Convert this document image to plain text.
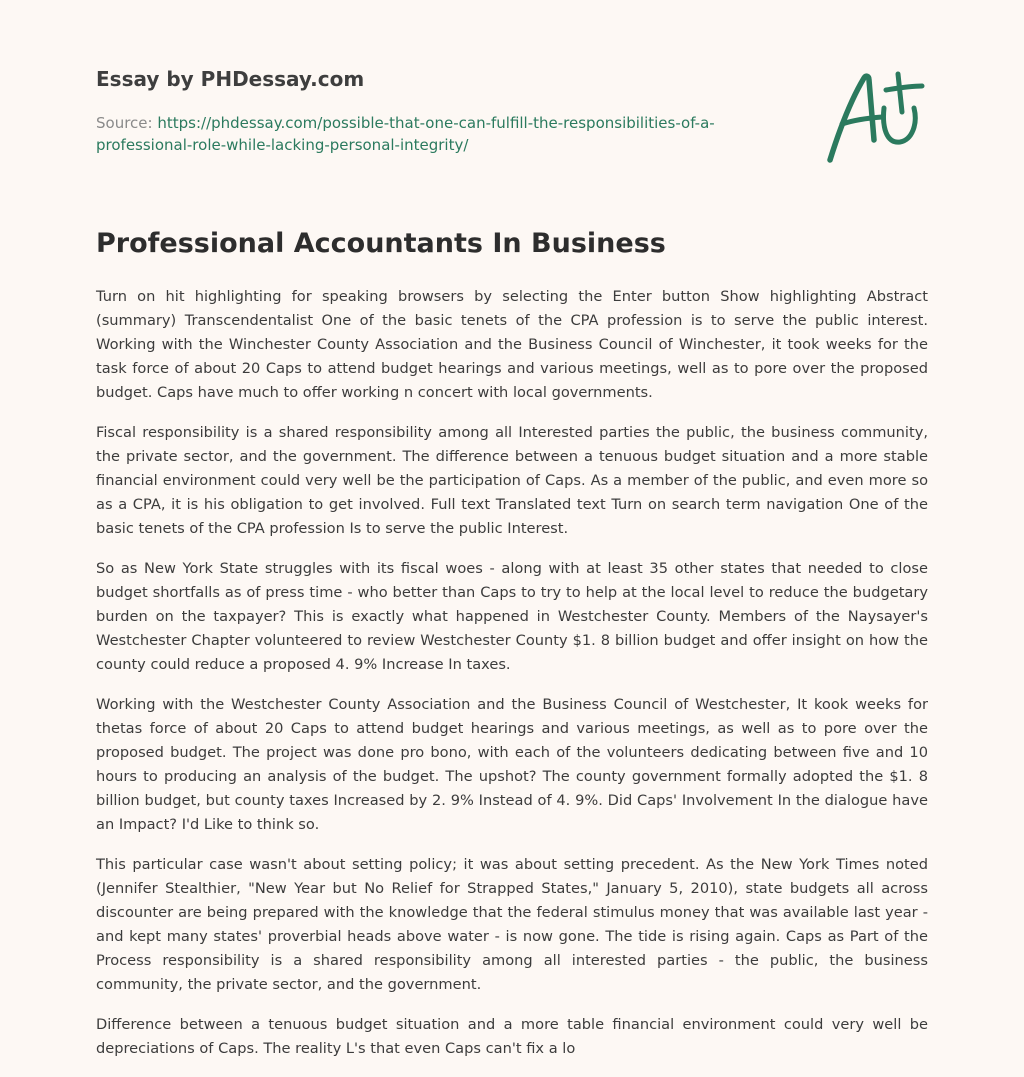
Essay by PHDessay.com
Source: https://phdessay.com/possible-that-one-can-fulfill-the-responsibilities-of-a-
professional-role-while-lacking-personal-integrity/
Professional Accountants In Business

Turn on hit highlighting for speaking browsers by selecting the Enter button Show highlighting Abstract (summary) Transcendentalist One of the basic tenets of the CPA profession is to serve the public interest. Working with the Winchester County Association and the Business Council of Winchester, it took weeks for the task force of about 20 Caps to attend budget hearings and various meetings, well as to pore over the proposed budget. Caps have much to offer working n concert with local governments.

Fiscal responsibility is a shared responsibility among all Interested parties the public, the business community, the private sector, and the government. The difference between a tenuous budget situation and a more stable financial environment could very well be the participation of Caps. As a member of the public, and even more so as a CPA, it is his obligation to get involved. Full text Translated text Turn on search term navigation One of the basic tenets of the CPA profession Is to serve the public Interest.

So as New York State struggles with its fiscal woes - along with at least 35 other states that needed to close budget shortfalls as of press time - who better than Caps to try to help at the local level to reduce the budgetary burden on the taxpayer? This is exactly what happened in Westchester County. Members of the Naysayer's Westchester Chapter volunteered to review Westchester County $1. 8 billion budget and offer insight on how the county could reduce a proposed 4. 9% Increase In taxes.

Working with the Westchester County Association and the Business Council of Westchester, It kook weeks for thetas force of about 20 Caps to attend budget hearings and various meetings, as well as to pore over the proposed budget. The project was done pro bono, with each of the volunteers dedicating between five and 10 hours to producing an analysis of the budget. The upshot? The county government formally adopted the $1. 8 billion budget, but county taxes Increased by 2. 9% Instead of 4. 9%. Did Caps' Involvement In the dialogue have an Impact? I'd Like to think so.

This particular case wasn't about setting policy; it was about setting precedent. As the New York Times noted (Jennifer Stealthier, "New Year but No Relief for Strapped States," January 5, 2010), state budgets all across discounter are being prepared with the knowledge that the federal stimulus money that was available last year - and kept many states' proverbial heads above water - is now gone. The tide is rising again. Caps as Part of the Process responsibility is a shared responsibility among all interested parties - the public, the business community, the private sector, and the government.

Difference between a tenuous budget situation and a more table financial environment could very well be depreciations of Caps. The reality L's that even Caps can't fix a lo
